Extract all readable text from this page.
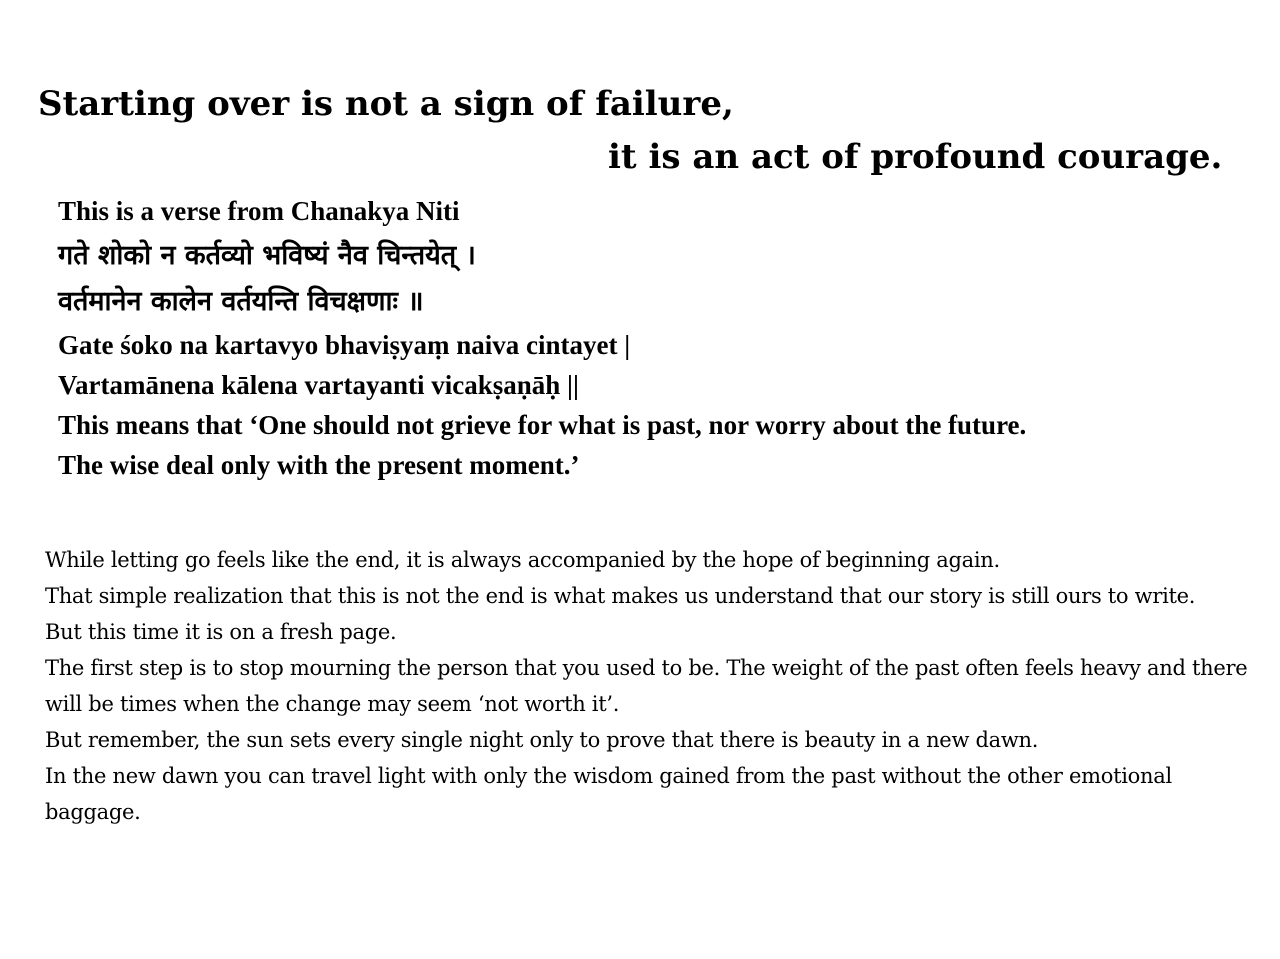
Starting over is not a sign of failure,
it is an act of profound courage.
This is a verse from Chanakya Niti
गते शोको न कर्तव्यो भविष्यं नैव चिन्तयेत् ।
वर्तमानेन कालेन वर्तयन्ति विचक्षणाः ॥
Gate śoko na kartavyo bhaviṣyaṃ naiva cintayet |
Vartamānena kālena vartayanti vicakṣaṇāḥ ||
This means that ‘One should not grieve for what is past, nor worry about the future.
The wise deal only with the present moment.’

While letting go feels like the end, it is always accompanied by the hope of beginning again.

That simple realization that this is not the end is what makes us understand that our story is still ours to write.

But this time it is on a fresh page.

The first step is to stop mourning the person that you used to be. The weight of the past often feels heavy and there will be times when the change may seem ‘not worth it’.

But remember, the sun sets every single night only to prove that there is beauty in a new dawn.

In the new dawn you can travel light with only the wisdom gained from the past without the other emotional baggage.
